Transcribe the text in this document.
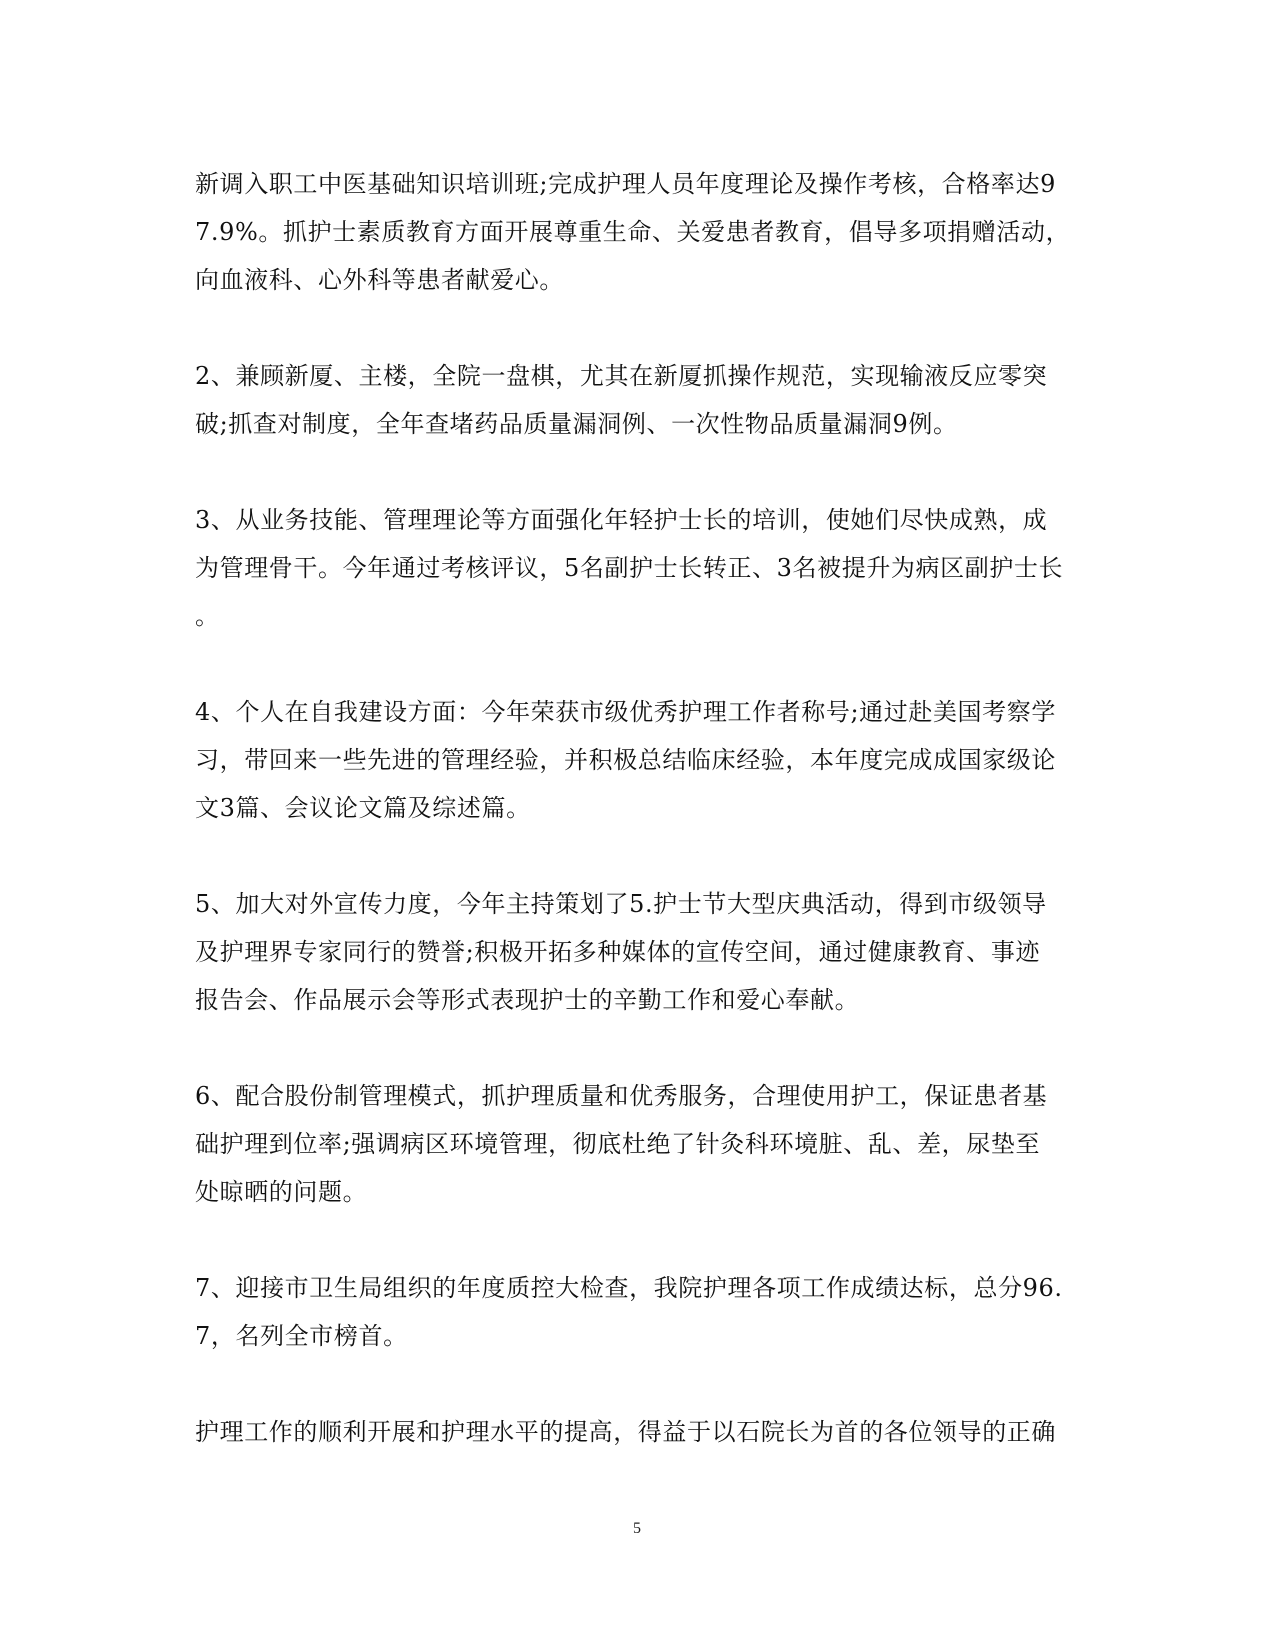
新调入职工中医基础知识培训班;完成护理人员年度理论及操作考核，合格率达9
7.9%。抓护士素质教育方面开展尊重生命、关爱患者教育，倡导多项捐赠活动，
向血液科、心外科等患者献爱心。

2、兼顾新厦、主楼，全院一盘棋，尤其在新厦抓操作规范，实现输液反应零突
破;抓查对制度，全年查堵药品质量漏洞例、一次性物品质量漏洞9例。

3、从业务技能、管理理论等方面强化年轻护士长的培训，使她们尽快成熟，成
为管理骨干。今年通过考核评议，5名副护士长转正、3名被提升为病区副护士长
。

4、个人在自我建设方面：今年荣获市级优秀护理工作者称号;通过赴美国考察学
习，带回来一些先进的管理经验，并积极总结临床经验，本年度完成成国家级论
文3篇、会议论文篇及综述篇。

5、加大对外宣传力度，今年主持策划了5.护士节大型庆典活动，得到市级领导
及护理界专家同行的赞誉;积极开拓多种媒体的宣传空间，通过健康教育、事迹
报告会、作品展示会等形式表现护士的辛勤工作和爱心奉献。

6、配合股份制管理模式，抓护理质量和优秀服务，合理使用护工，保证患者基
础护理到位率;强调病区环境管理，彻底杜绝了针灸科环境脏、乱、差，尿垫至
处晾晒的问题。

7、迎接市卫生局组织的年度质控大检查，我院护理各项工作成绩达标，总分96.
7，名列全市榜首。

护理工作的顺利开展和护理水平的提高，得益于以石院长为首的各位领导的正确

5
